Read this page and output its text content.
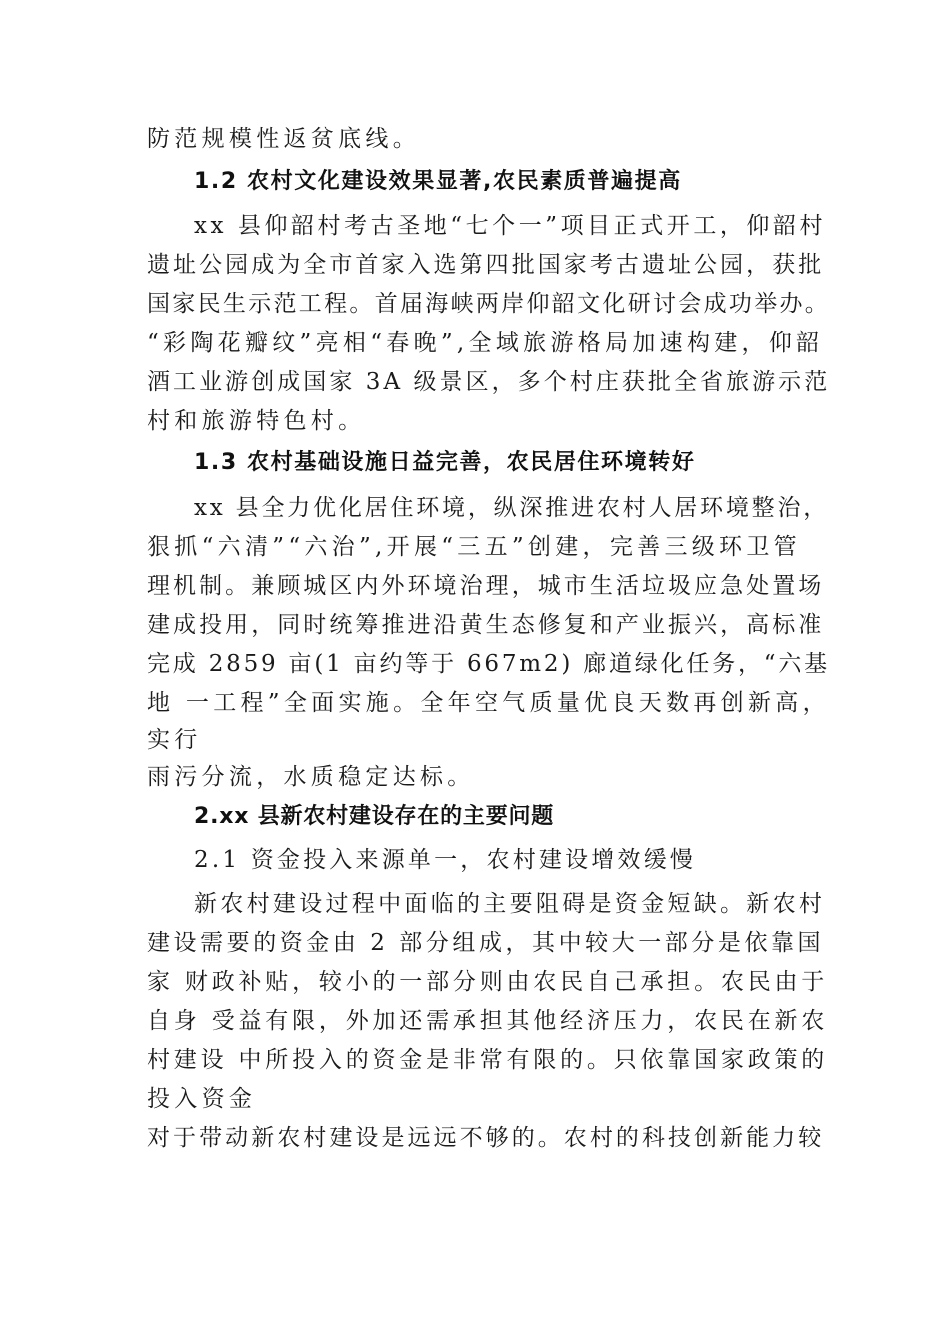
防范规模性返贫底线。

1.2 农村文化建设效果显著,农民素质普遍提高

xx 县仰韶村考古圣地“七个一”项目正式开工，仰韶村

遗址公园成为全市首家入选第四批国家考古遗址公园，获批

国家民生示范工程。首届海峡两岸仰韶文化研讨会成功举办。

“彩陶花瓣纹”亮相“春晚”,全域旅游格局加速构建，仰韶

酒工业游创成国家 3A 级景区，多个村庄获批全省旅游示范

村和旅游特色村。

1.3 农村基础设施日益完善，农民居住环境转好

xx 县全力优化居住环境，纵深推进农村人居环境整治，

狠抓“六清”“六治”,开展“三五”创建，完善三级环卫管

理机制。兼顾城区内外环境治理，城市生活垃圾应急处置场

建成投用，同时统筹推进沿黄生态修复和产业振兴，高标准

完成 2859 亩(1 亩约等于 667m2) 廊道绿化任务，“六基

地 一工程”全面实施。全年空气质量优良天数再创新高，

实行

雨污分流，水质稳定达标。

2.xx 县新农村建设存在的主要问题

2.1 资金投入来源单一，农村建设增效缓慢

新农村建设过程中面临的主要阻碍是资金短缺。新农村

建设需要的资金由 2 部分组成，其中较大一部分是依靠国

家 财政补贴，较小的一部分则由农民自己承担。农民由于

自身 受益有限，外加还需承担其他经济压力，农民在新农

村建设 中所投入的资金是非常有限的。只依靠国家政策的

投入资金

对于带动新农村建设是远远不够的。农村的科技创新能力较
